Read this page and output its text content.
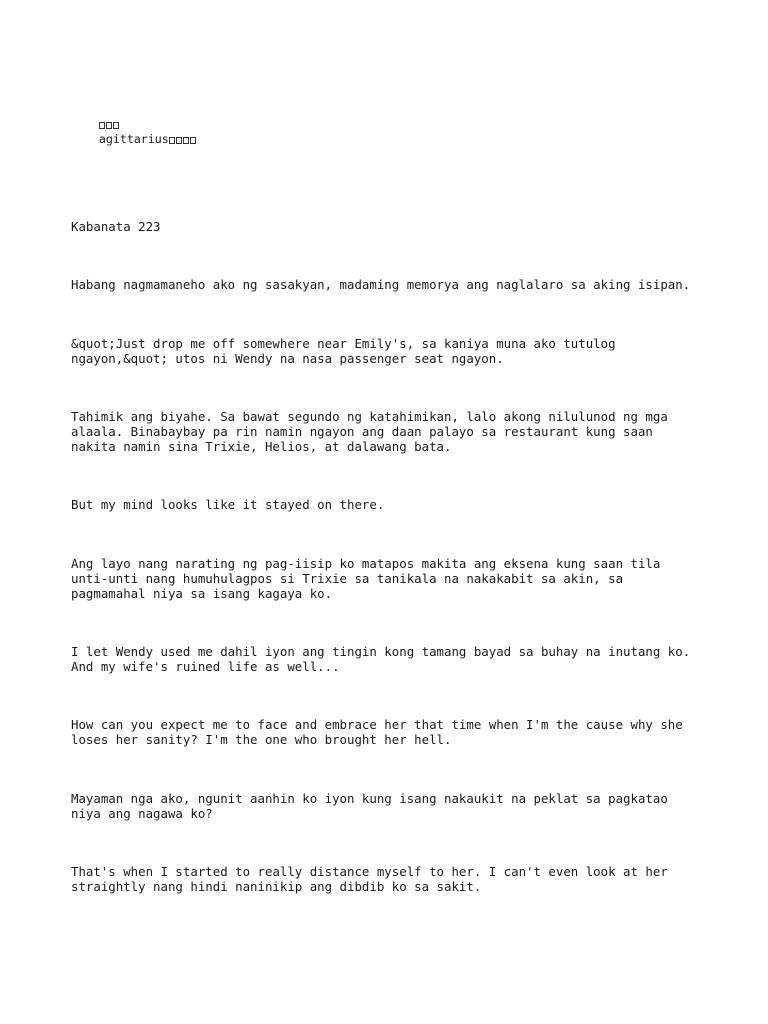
agittarius

Kabanata 223

Habang nagmamaneho ako ng sasakyan, madaming memorya ang naglalaro sa aking isipan.

&quot;Just drop me off somewhere near Emily's, sa kaniya muna ako tutulog
ngayon,&quot; utos ni Wendy na nasa passenger seat ngayon.

Tahimik ang biyahe. Sa bawat segundo ng katahimikan, lalo akong nilulunod ng mga
alaala. Binabaybay pa rin namin ngayon ang daan palayo sa restaurant kung saan
nakita namin sina Trixie, Helios, at dalawang bata.

But my mind looks like it stayed on there.

Ang layo nang narating ng pag-iisip ko matapos makita ang eksena kung saan tila
unti-unti nang humuhulagpos si Trixie sa tanikala na nakakabit sa akin, sa
pagmamahal niya sa isang kagaya ko.

I let Wendy used me dahil iyon ang tingin kong tamang bayad sa buhay na inutang ko.
And my wife's ruined life as well...

How can you expect me to face and embrace her that time when I'm the cause why she
loses her sanity? I'm the one who brought her hell.

Mayaman nga ako, ngunit aanhin ko iyon kung isang nakaukit na peklat sa pagkatao
niya ang nagawa ko?

That's when I started to really distance myself to her. I can't even look at her
straightly nang hindi naninikip ang dibdib ko sa sakit.
